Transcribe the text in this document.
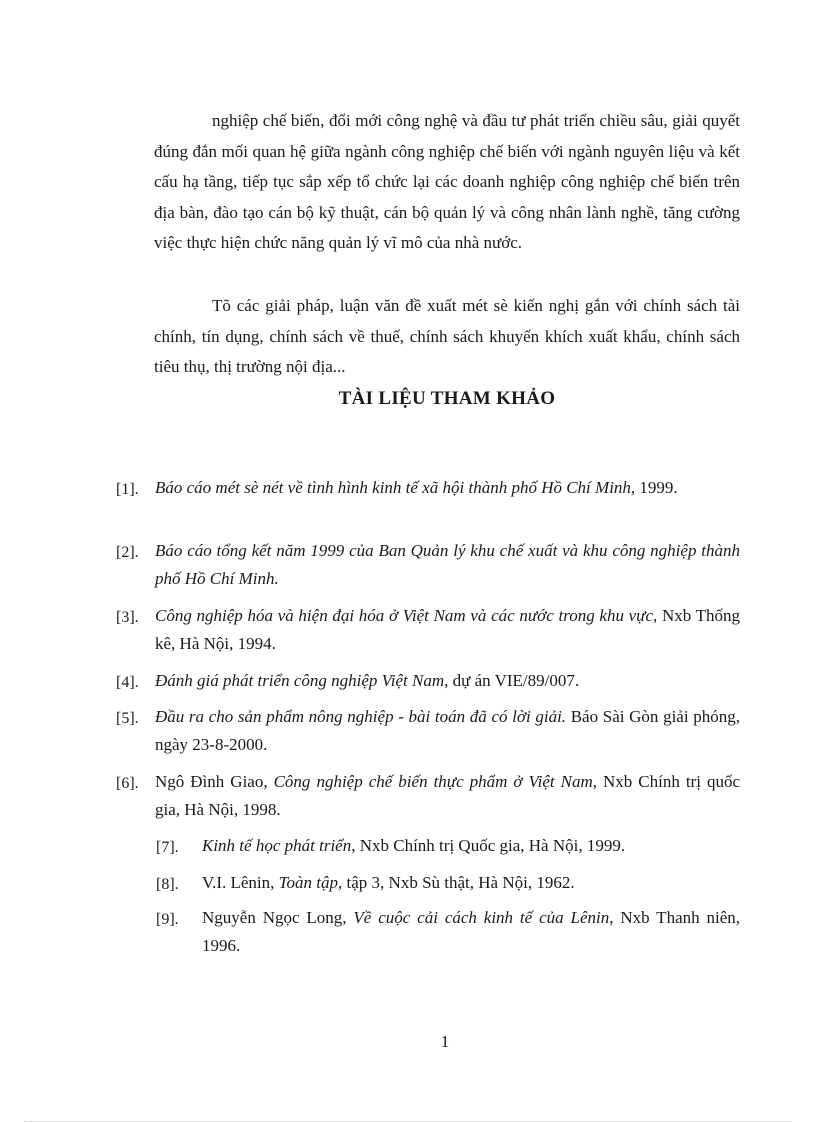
nghiệp chế biến, đổi mới công nghệ và đầu tư phát triển chiều sâu, giải quyết đúng đắn mối quan hệ giữa ngành công nghiệp chế biến với ngành nguyên liệu và kết cấu hạ tầng, tiếp tục sắp xếp tổ chức lại các doanh nghiệp công nghiệp chế biến trên địa bàn, đào tạo cán bộ kỹ thuật, cán bộ quản lý và công nhân lành nghề, tăng cường việc thực hiện chức năng quản lý vĩ mô của nhà nước.

Tõ các giải pháp, luận văn đề xuất mét sè kiến nghị gắn với chính sách tài chính, tín dụng, chính sách về thuế, chính sách khuyến khích xuất khẩu, chính sách tiêu thụ, thị trường nội địa...

TÀI LIỆU THAM KHẢO
[1]. Báo cáo mét sè nét về tình hình kinh tế xã hội thành phố Hồ Chí Minh, 1999.
[2]. Báo cáo tổng kết năm 1999 của Ban Quản lý khu chế xuất và khu công nghiệp thành phố Hồ Chí Minh.
[3]. Công nghiệp hóa và hiện đại hóa ở Việt Nam và các nước trong khu vực, Nxb Thống kê, Hà Nội, 1994.
[4]. Đánh giá phát triển công nghiệp Việt Nam, dự án VIE/89/007.
[5]. Đầu ra cho sản phẩm nông nghiệp - bài toán đã có lời giải. Báo Sài Gòn giải phóng, ngày 23-8-2000.
[6]. Ngô Đình Giao, Công nghiệp chế biến thực phẩm ở Việt Nam, Nxb Chính trị quốc gia, Hà Nội, 1998.
[7]. Kinh tế học phát triển, Nxb Chính trị Quốc gia, Hà Nội, 1999.
[8]. V.I. Lênin, Toàn tập, tập 3, Nxb Sù thật, Hà Nội, 1962.
[9]. Nguyễn Ngọc Long, Về cuộc cải cách kinh tế của Lênin, Nxb Thanh niên, 1996.
1
